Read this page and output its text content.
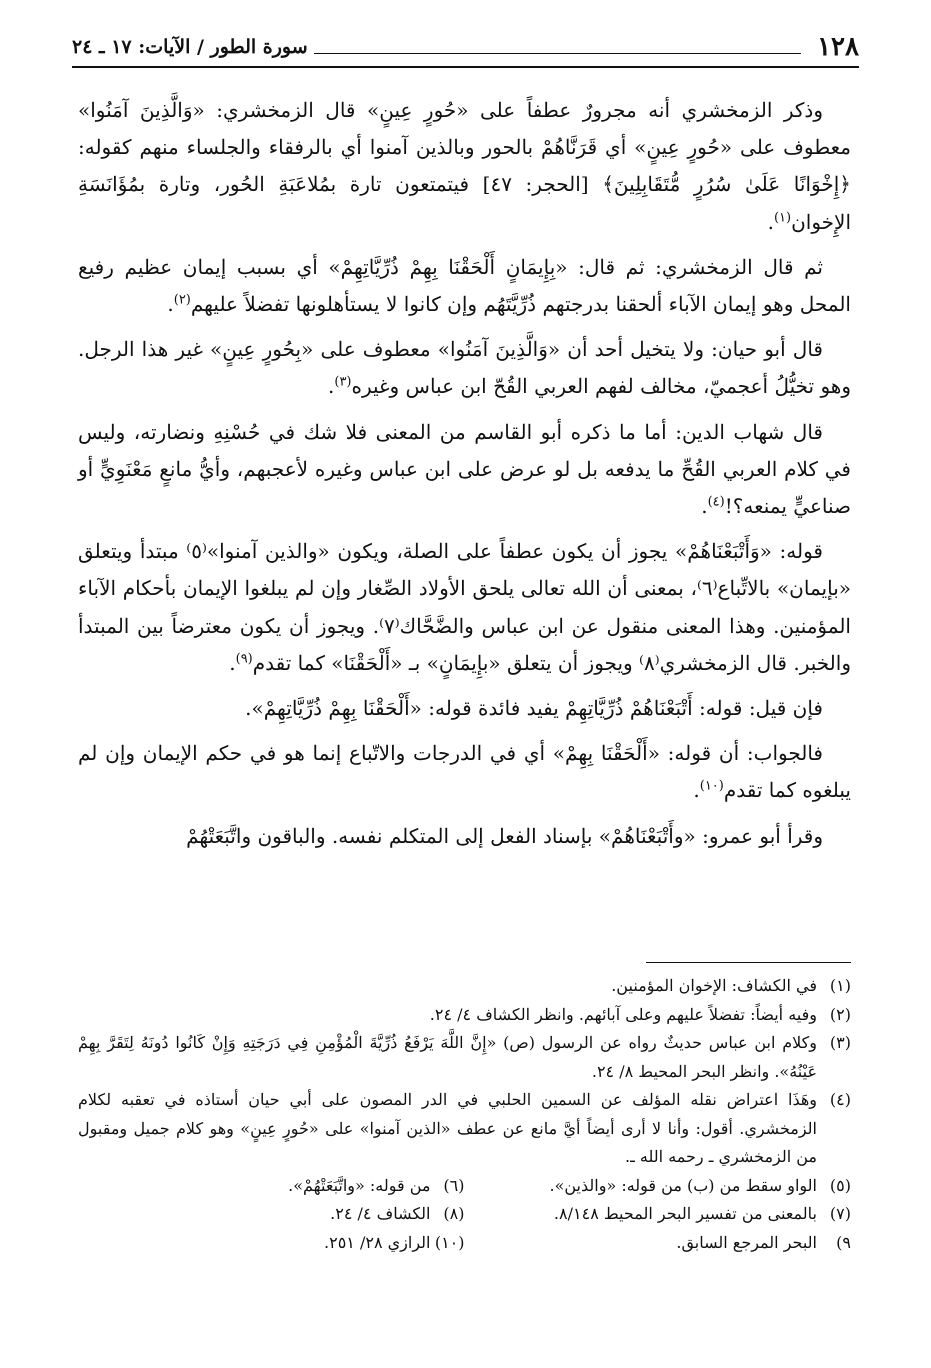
١٢٨
سورة الطور / الآيات: ١٧ ـ ٢٤

وذكر الزمخشري أنه مجرورٌ عطفاً على «حُورٍ عِينٍ» قال الزمخشري: «وَالَّذِينَ آمَنُوا» معطوف على «حُورٍ عِينٍ» أي قَرَنَّاهُمْ بالحور وبالذين آمنوا أي بالرفقاء والجلساء منهم كقوله: ﴿إِخْوَانًا عَلَىٰ سُرُرٍ مُّتَقَابِلِينَ﴾ [الحجر: ٤٧] فيتمتعون تارة بمُلاعَبَةِ الحُور، وتارة بمُؤَانَسَةِ الإِخوان$^{(١)}$.

ثم قال الزمخشري: ثم قال: «بِإِيمَانٍ أَلْحَقْنَا بِهِمْ ذُرِّيَّاتِهِمْ» أي بسبب إيمان عظيم رفيع المحل وهو إيمان الآباء ألحقنا بدرجتهم ذُرِّيَّتَهُم وإن كانوا لا يستأهلونها تفضلاً عليهم$^{(٢)}$.

قال أبو حيان: ولا يتخيل أحد أن «وَالَّذِينَ آمَنُوا» معطوف على «بِحُورٍ عِينٍ» غير هذا الرجل. وهو تخيُّلُ أعجميّ، مخالف لفهم العربي القُحّ ابن عباس وغيره$^{(٣)}$.

قال شهاب الدين: أما ما ذكره أبو القاسم من المعنى فلا شك في حُسْنِهِ ونضارته، وليس في كلام العربي القُحِّ ما يدفعه بل لو عرض على ابن عباس وغيره لأعجبهم، وأيُّ مانعٍ مَعْنَوِيٍّ أو صناعيٍّ يمنعه؟!$^{(٤)}$.

قوله: «وَأَتْبَعْنَاهُمْ» يجوز أن يكون عطفاً على الصلة، ويكون «والذين آمنوا»⁽٥⁾ مبتدأ ويتعلق «بإيمان» بالاتِّباع⁽٦⁾، بمعنى أن الله تعالى يلحق الأولاد الصِّغار وإن لم يبلغوا الإيمان بأحكام الآباء المؤمنين. وهذا المعنى منقول عن ابن عباس والضَّحَّاك⁽٧⁾. ويجوز أن يكون معترضاً بين المبتدأ والخبر. قال الزمخشري⁽٨⁾ ويجوز أن يتعلق «بإِيمَانٍ» بـ «أَلْحَقْنَا» كما تقدم$^{(٩)}$.

فإن قيل: قوله: أَتْبَعْنَاهُمْ ذُرِّيَّاتِهِمْ يفيد فائدة قوله: «أَلْحَقْنَا بِهِمْ ذُرِّيَّاتِهِمْ».

فالجواب: أن قوله: «أَلْحَقْنَا بِهِمْ» أي في الدرجات والاتّباع إنما هو في حكم الإيمان وإن لم يبلغوه كما تقدم$^{(١٠)}$.

وقرأ أبو عمرو: «وأَتْبَعْنَاهُمْ» بإسناد الفعل إلى المتكلم نفسه. والباقون واتَّبَعَتْهُمْ

(١)
في الكشاف: الإخوان المؤمنين.
(٢)
وفيه أيضاً: تفضلاً عليهم وعلى آبائهم. وانظر الكشاف ٤/ ٢٤.
(٣)
وكلام ابن عباس حديثٌ رواه عن الرسول (ص) «إِنَّ اللَّهَ يَرْفَعُ ذُرِّيَّةَ الْمُؤْمِنِ فِي دَرَجَتِهِ وَإِنْ كَانُوا دُونَهُ لِتَقَرَّ بِهِمْ عَيْنُهُ». وانظر البحر المحيط ٨/ ٢٤.
(٤)
وهَذَا اعتراض نقله المؤلف عن السمين الحلبي في الدر المصون على أبي حيان أستاذه في تعقبه لكلام الزمخشري. أقول: وأنا لا أرى أيضاً أيَّ مانع عن عطف «الذين آمنوا» على «حُورٍ عِينٍ» وهو كلام جميل ومقبول من الزمخشري ـ رحمه الله ـ.
(٥)
الواو سقط من (ب) من قوله: «والذين».
(٦)
من قوله: «واتَّبَعَتْهُمْ».
(٧)
بالمعنى من تفسير البحر المحيط ٨/١٤٨.
(٨)
الكشاف ٤/ ٢٤.
٩)
البحر المرجع السابق.
(١٠)
الرازي ٢٨/ ٢٥١.
